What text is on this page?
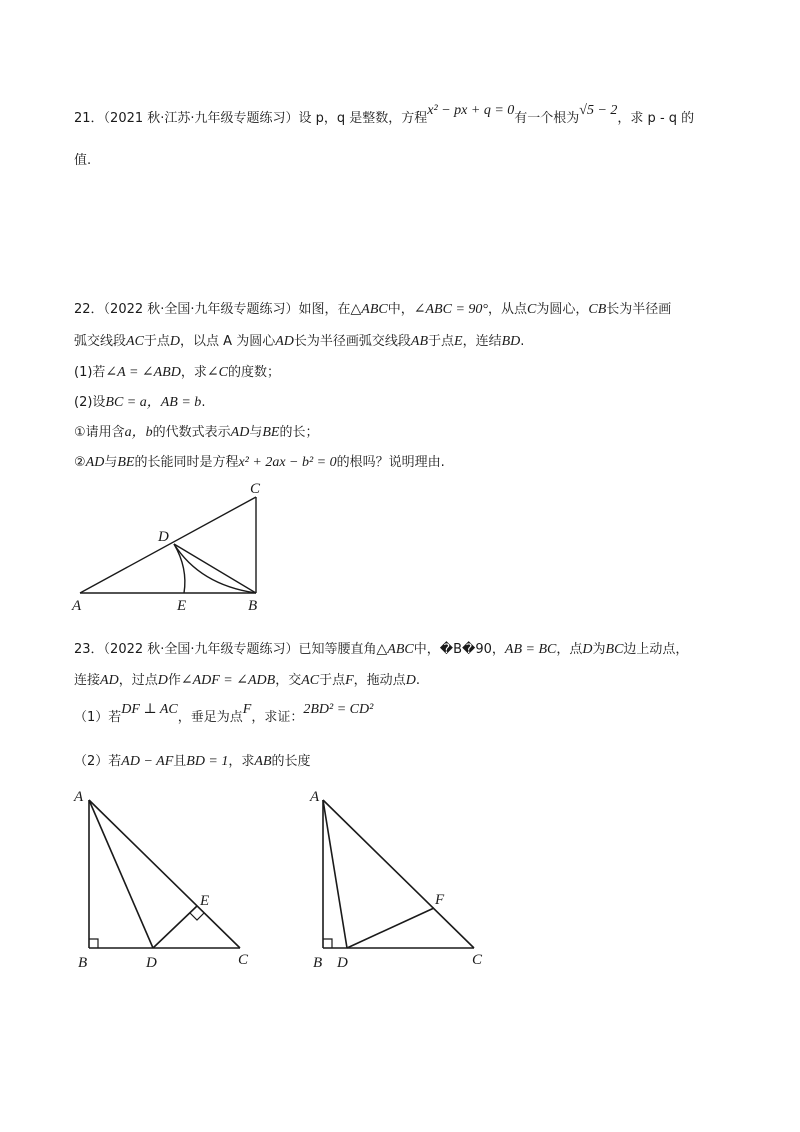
21．（2021 秋·江苏·九年级专题练习）设 p，q 是整数，方程x² − px + q = 0有一个根为√5 − 2，求 p - q 的
值.
22．（2022 秋·全国·九年级专题练习）如图，在△ABC中，∠ABC = 90°，从点C为圆心，CB长为半径画
弧交线段AC于点D，以点 A 为圆心AD长为半径画弧交线段AB于点E，连结BD.
(1)若∠A = ∠ABD，求∠C的度数；
(2)设BC = a，AB = b.
①请用含a，b的代数式表示AD与BE的长；
②AD与BE的长能同时是方程x² + 2ax − b² = 0的根吗？说明理由.
A	E	B
D
C
23．（2022 秋·全国·九年级专题练习）已知等腰直角△ABC中，�B�90，AB = BC，点D为BC边上动点，
连接AD，过点D作∠ADF = ∠ADB，交AC于点F，拖动点D.
（1）若DF ⊥ AC，垂足为点F，求证：2BD² = CD²
（2）若AD − AF且BD = 1，求AB的长度
A
B	D	C
E
A
B D	C
F
